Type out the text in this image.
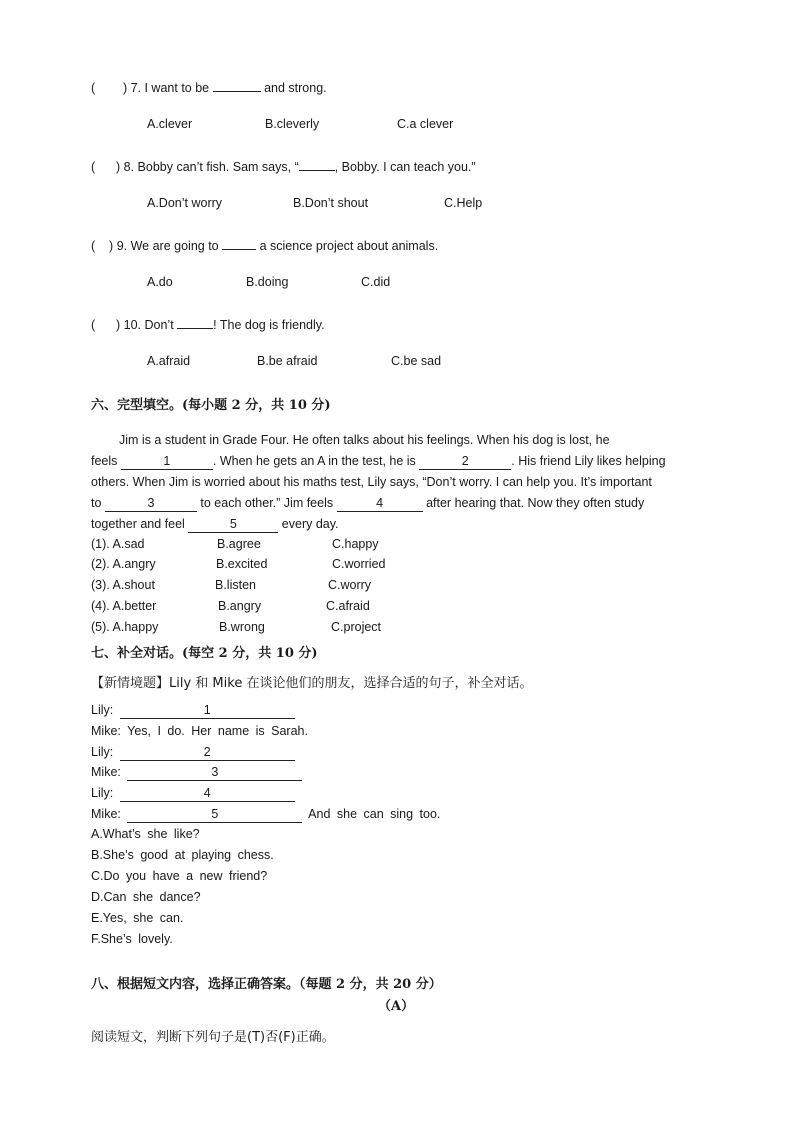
(        ) 7. I want to be	and strong.
A.clever	B.cleverly	C.a clever
(      ) 8. Bobby can’t fish. Sam says, “	, Bobby. I can teach you.”
A.Don’t worry	B.Don’t shout	C.Help
(    ) 9. We are going to	a science project about animals.
A.do	B.doing	C.did
(      ) 10. Don’t	! The dog is friendly.
A.afraid	B.be afraid	C.be sad
六、完型填空。(每小题 2 分，共 10 分)
Jim is a student in Grade Four. He often talks about his feelings. When his dog is lost, he
feels	1	. When he gets an A in the test, he is	2	. His friend Lily likes helping
others. When Jim is worried about his maths test, Lily says, “Don’t worry. I can help you. It’s important
to	3	to each other.” Jim feels	4	after hearing that. Now they often study
together and feel	5	every day.
(1). A.sad	B.agree	C.happy
(2). A.angry	B.excited	C.worried
(3). A.shout	B.listen	C.worry
(4). A.better	B.angry	C.afraid
(5). A.happy	B.wrong	C.project
七、补全对话。(每空 2 分，共 10 分)
【新情境题】Lily 和 Mike 在谈论他们的朋友，选择合适的句子，补全对话。
Lily:	1
Mike: Yes, I do. Her name is Sarah.
Lily:	2
Mike:	3
Lily:	4
Mike:	5	And she can sing too.
A.What’s she like?
B.She’s good at playing chess.
C.Do you have a new friend?
D.Can she dance?
E.Yes, she can.
F.She’s lovely.
八、根据短文内容，选择正确答案。（每题 2 分，共 20 分）
（A）
阅读短文，判断下列句子是(T)否(F)正确。
